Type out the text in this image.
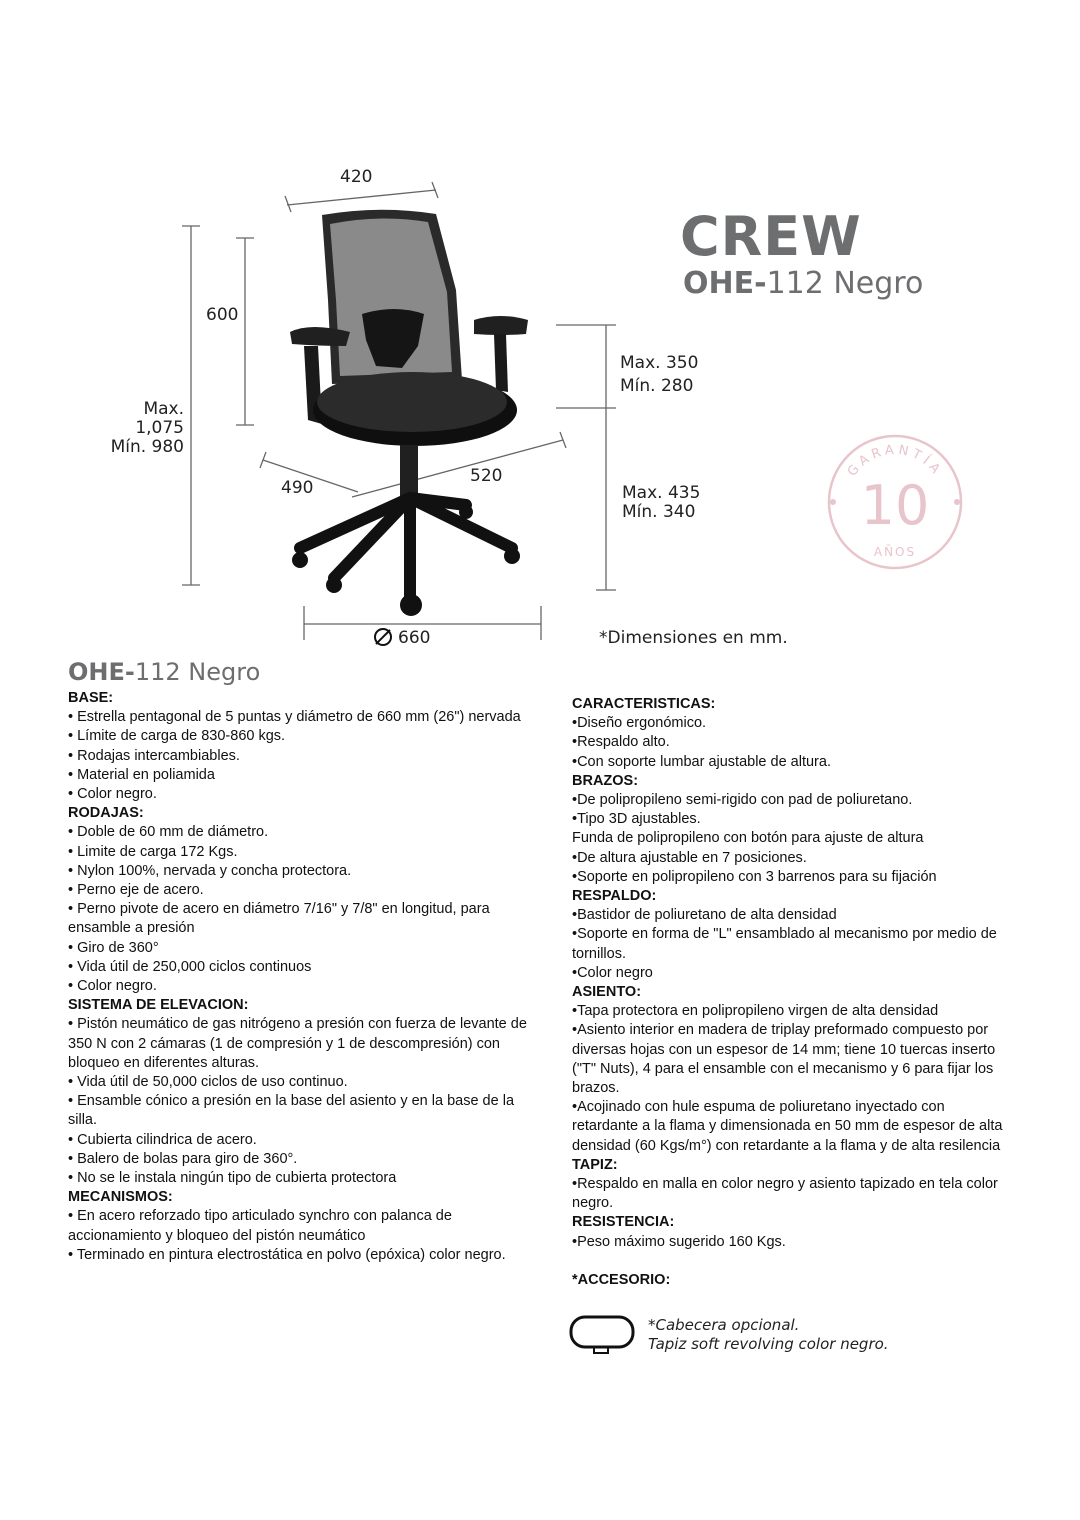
CREW
OHE-112 Negro
420
600
Max. 1,075
Mín. 980
Max. 350
Mín. 280
Max. 435
Mín. 340
490
520
660	*Dimensiones en mm.
GARANTÍA
10
AÑOS
OHE-112 Negro
BASE:
• Estrella pentagonal de 5 puntas y diámetro de 660 mm (26") nervada
• Límite de carga de 830-860 kgs.
• Rodajas intercambiables.
• Material en poliamida
• Color negro.
RODAJAS:
• Doble de 60 mm de diámetro.
• Limite de carga 172 Kgs.
• Nylon 100%, nervada y concha protectora.
• Perno eje de acero.
• Perno pivote de acero en diámetro 7/16" y 7/8" en longitud, para ensamble a presión
• Giro de 360°
• Vida útil de 250,000 ciclos continuos
• Color negro.
SISTEMA DE ELEVACION:
• Pistón neumático de gas nitrógeno a presión con fuerza de levante de 350 N con 2 cámaras (1 de compresión y 1 de descompresión) con bloqueo en diferentes alturas.
• Vida útil de 50,000 ciclos de uso continuo.
• Ensamble cónico a presión en la base del asiento y en la base de la silla.
• Cubierta cilindrica de acero.
• Balero de bolas para giro de 360°.
• No se le instala ningún tipo de cubierta protectora
MECANISMOS:
• En acero reforzado tipo articulado synchro con palanca de accionamiento y bloqueo del pistón neumático
• Terminado en pintura electrostática en polvo (epóxica) color negro.
CARACTERISTICAS:
•Diseño ergonómico.
•Respaldo alto.
•Con soporte lumbar ajustable de altura.
BRAZOS:
•De polipropileno semi-rigido con pad de poliuretano.
•Tipo 3D ajustables.
Funda de polipropileno con botón para ajuste de altura
•De altura ajustable en 7 posiciones.
•Soporte en polipropileno con 3 barrenos para su fijación
RESPALDO:
•Bastidor de poliuretano de alta densidad
•Soporte en forma de "L" ensamblado al mecanismo por medio de tornillos.
•Color negro
ASIENTO:
•Tapa protectora en polipropileno virgen de alta densidad
•Asiento interior en madera de triplay preformado compuesto por diversas hojas con un espesor de 14 mm; tiene 10 tuercas inserto ("T" Nuts), 4 para el ensamble con el mecanismo y 6 para fijar los brazos.
•Acojinado con hule espuma de poliuretano inyectado con retardante a la flama y dimensionada en 50 mm de espesor de alta densidad (60 Kgs/m°) con retardante a la flama y de alta resilencia
TAPIZ:
•Respaldo en malla en color negro y asiento tapizado en tela color negro.
RESISTENCIA:
•Peso máximo sugerido 160 Kgs.
*ACCESORIO:
*Cabecera opcional.
Tapiz soft revolving color negro.
